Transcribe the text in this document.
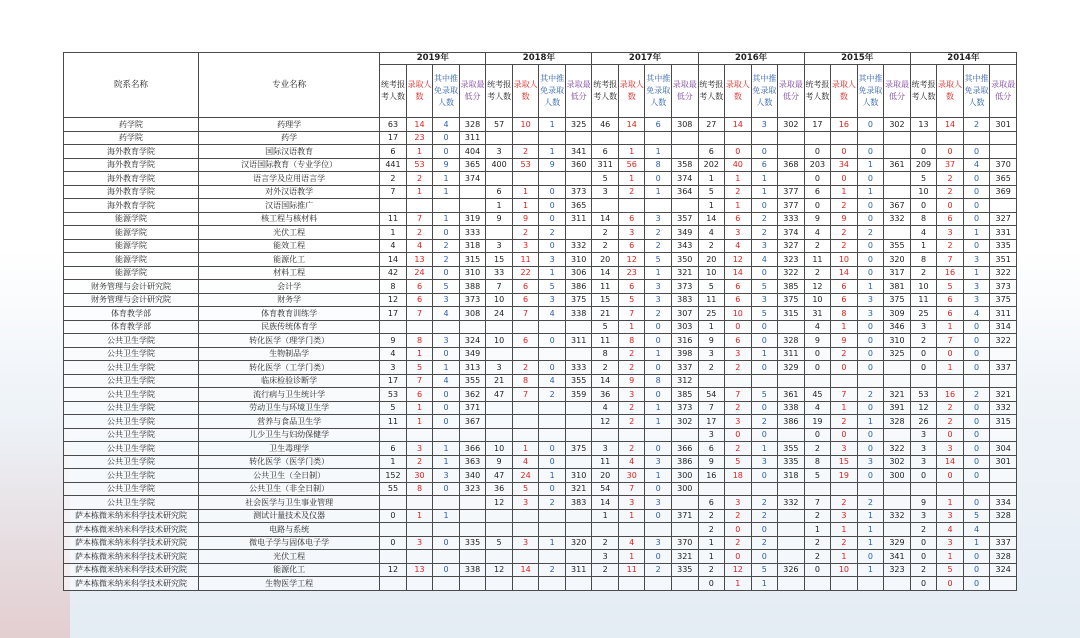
院系名称	专业名称	2019年				2018年				2017年				2016年				2015年				2014年			
		统考报考人数	录取人数	其中推免录取人数	录取最低分	统考报考人数	录取人数	其中推免录取人数	录取最低分	统考报考人数	录取人数	其中推免录取人数	录取最低分	统考报考人数	录取人数	其中推免录取人数	录取最低分	统考报考人数	录取人数	其中推免录取人数	录取最低分	统考报考人数	录取人数	其中推免录取人数	录取最低分
药学院	药理学	63	14	4	328	57	10	1	325	46	14	6	308	27	14	3	302	17	16	0	302	13	14	2	301
药学院	药学	17	23	0	311																				
海外教育学院	国际汉语教育	6	1	0	404	3	2	1	341	6	1	1		6	0	0		0	0	0		0	0	0	
海外教育学院	汉语国际教育（专业学位）	441	53	9	365	400	53	9	360	311	56	8	358	202	40	6	368	203	34	1	361	209	37	4	370
海外教育学院	语言学及应用语言学	2	2	1	374					5	1	0	374	1	1	1		0	0	0		5	2	0	365
海外教育学院	对外汉语教学	7	1	1		6	1	0	373	3	2	1	364	5	2	1	377	6	1	1		10	2	0	369
海外教育学院	汉语国际推广					1	1	0	365					1	1	0	377	0	2	0	367	0	0	0	
能源学院	核工程与核材料	11	7	1	319	9	9	0	311	14	6	3	357	14	6	2	333	9	9	0	332	8	6	0	327
能源学院	光伏工程	1	2	0	333		2	2		2	3	2	349	4	3	2	374	4	2	2		4	3	1	331
能源学院	能效工程	4	4	2	318	3	3	0	332	2	6	2	343	2	4	3	327	2	2	0	355	1	2	0	335
能源学院	能源化工	14	13	2	315	15	11	3	310	20	12	5	350	20	12	4	323	11	10	0	320	8	7	3	351
能源学院	材料工程	42	24	0	310	33	22	1	306	14	23	1	321	10	14	0	322	2	14	0	317	2	16	1	322
财务管理与会计研究院	会计学	8	6	5	388	7	6	5	386	11	6	3	373	5	6	5	385	12	6	1	381	10	5	3	373
财务管理与会计研究院	财务学	12	6	3	373	10	6	3	375	15	5	3	383	11	6	3	375	10	6	3	375	11	6	3	375
体育教学部	体育教育训练学	17	7	4	308	24	7	4	338	21	7	2	307	25	10	5	315	31	8	3	309	25	6	4	311
体育教学部	民族传统体育学									5	1	0	303	1	0	0		4	1	0	346	3	1	0	314
公共卫生学院	转化医学（理学门类）	9	8	3	324	10	6	0	311	11	8	0	316	9	6	0	328	9	9	0	310	2	7	0	322
公共卫生学院	生物制品学	4	1	0	349					8	2	1	398	3	3	1	311	0	2	0	325	0	0	0	
公共卫生学院	转化医学（工学门类）	3	5	1	313	3	2	0	333	2	2	0	337	2	2	0	329	0	0	0		0	1	0	337
公共卫生学院	临床检验诊断学	17	7	4	355	21	8	4	355	14	9	8	312												
公共卫生学院	流行病与卫生统计学	53	6	0	362	47	7	2	359	36	3	0	385	54	7	5	361	45	7	2	321	53	16	2	321
公共卫生学院	劳动卫生与环境卫生学	5	1	0	371					4	2	1	373	7	2	0	338	4	1	0	391	12	2	0	332
公共卫生学院	营养与食品卫生学	11	1	0	367					12	2	1	302	17	3	2	386	19	2	1	328	26	2	0	315
公共卫生学院	儿少卫生与妇幼保健学													3	0	0		0	0	0		3	0	0	
公共卫生学院	卫生毒理学	6	3	1	366	10	1	0	375	3	2	0	366	6	2	1	355	2	3	0	322	3	3	0	304
公共卫生学院	转化医学（医学门类）	1	2	1	363	9	4	0		11	4	3	386	9	5	3	335	8	15	3	302	3	14	0	301
公共卫生学院	公共卫生（全日制）	152	30	3	340	47	24	1	310	20	30	1	300	16	18	0	318	5	19	0	300	0	0	0	
公共卫生学院	公共卫生（非全日制）	55	8	0	323	36	5	0	321	54	7	0	300												
公共卫生学院	社会医学与卫生事业管理					12	3	2	383	14	3	3		6	3	2	332	7	2	2		9	1	0	334
萨本栋微米纳米科学技术研究院	测试计量技术及仪器	0	1	1						1	1	0	371	2	2	2		2	3	1	332	3	3	5	328
萨本栋微米纳米科学技术研究院	电路与系统													2	0	0		1	1	1		2	4	4	
萨本栋微米纳米科学技术研究院	微电子学与固体电子学	0	3	0	335	5	3	1	320	2	4	3	370	1	2	2		2	2	1	329	0	3	1	337
萨本栋微米纳米科学技术研究院	光伏工程									3	1	0	321	1	0	0		2	1	0	341	0	1	0	328
萨本栋微米纳米科学技术研究院	能源化工	12	13	0	338	12	14	2	311	2	11	2	335	2	12	5	326	0	10	1	323	2	5	0	324
萨本栋微米纳米科学技术研究院	生物医学工程													0	1	1						0	0	0	
